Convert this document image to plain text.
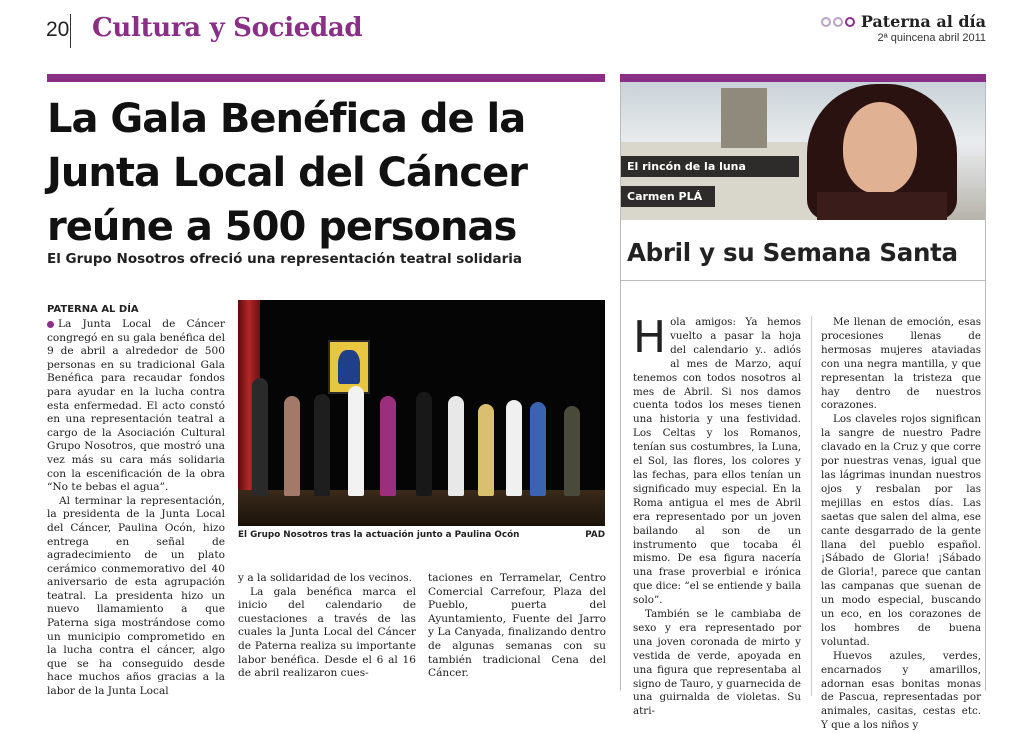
20 Cultura y Sociedad	Paterna al día
2ª quincena abril 2011
La Gala Benéfica de la Junta Local del Cáncer reúne a 500 personas
El Grupo Nosotros ofreció una representación teatral solidaria
PATERNA AL DÍA

La Junta Local de Cáncer congregó en su gala benéfica del 9 de abril a alrededor de 500 personas en su tradicional Gala Benéfica para recaudar fondos para ayudar en la lucha contra esta enfermedad. El acto constó en una representación teatral a cargo de la Asociación Cultural Grupo Nosotros, que mostró una vez más su cara más solidaria con la escenificación de la obra “No te bebas el agua”.

Al terminar la representación, la presidenta de la Junta Local del Cáncer, Paulina Ocón, hizo entrega en señal de agradecimiento de un plato cerámico conmemorativo del 40 aniversario de esta agrupación teatral. La presidenta hizo un nuevo llamamiento a que Paterna siga mostrándose como un municipio comprometido en la lucha contra el cáncer, algo que se ha conseguido desde hace muchos años gracias a la labor de la Junta Local

El Grupo Nosotros tras la actuación junto a Paulina Ocón	PAD

y a la solidaridad de los vecinos.

La gala benéfica marca el inicio del calendario de cuestaciones a través de las cuales la Junta Local del Cáncer de Paterna realiza su importante labor benéfica. Desde el 6 al 16 de abril realizaron cues-

taciones en Terramelar, Centro Comercial Carrefour, Plaza del Pueblo, puerta del Ayuntamiento, Fuente del Jarro y La Canyada, finalizando dentro de algunas semanas con su también tradicional Cena del Cáncer.

El rincón de la luna
Carmen PLÁ
Abril y su Semana Santa

Hola amigos: Ya hemos vuelto a pasar la hoja del calendario y.. adiós al mes de Marzo, aquí tenemos con todos nosotros al mes de Abril. Si nos damos cuenta todos los meses tienen una historia y una festividad. Los Celtas y los Romanos, tenían sus costumbres, la Luna, el Sol, las flores, los colores y las fechas, para ellos tenían un significado muy especial. En la Roma antigua el mes de Abril era representado por un joven bailando al son de un instrumento que tocaba él mismo. De esa figura nacería una frase proverbial e irónica que dice: “el se entiende y baila solo”.

También se le cambiaba de sexo y era representado por una joven coronada de mirto y vestida de verde, apoyada en una figura que representaba al signo de Tauro, y guarnecida de una guirnalda de violetas. Su atri-

Me llenan de emoción, esas procesiones llenas de hermosas mujeres ataviadas con una negra mantilla, y que representan la tristeza que hay dentro de nuestros corazones.

Los claveles rojos significan la sangre de nuestro Padre clavado en la Cruz y que corre por nuestras venas, igual que las lágrimas inundan nuestros ojos y resbalan por las mejillas en estos días. Las saetas que salen del alma, ese cante desgarrado de la gente llana del pueblo español. ¡Sábado de Gloria! ¡Sábado de Gloria!, parece que cantan las campanas que suenan de un modo especial, buscando un eco, en los corazones de los hombres de buena voluntad.

Huevos azules, verdes, encarnados y amarillos, adornan esas bonitas monas de Pascua, representadas por animales, casitas, cestas etc. Y que a los niños y
